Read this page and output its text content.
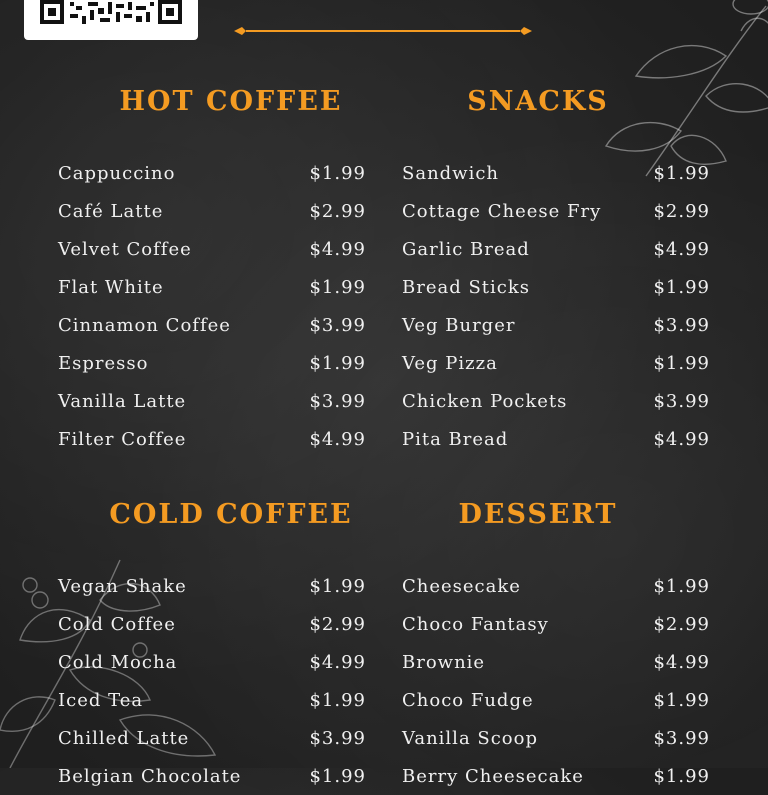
HOT COFFEE	SNACKS
COLD COFFEE	DESSERT
Cappuccino	$1.99
Café Latte	$2.99
Velvet Coffee	$4.99
Flat White	$1.99
Cinnamon Coffee	$3.99
Espresso	$1.99
Vanilla Latte	$3.99
Filter Coffee	$4.99
Sandwich	$1.99
Cottage Cheese Fry	$2.99
Garlic Bread	$4.99
Bread Sticks	$1.99
Veg Burger	$3.99
Veg Pizza	$1.99
Chicken Pockets	$3.99
Pita Bread	$4.99
Vegan Shake	$1.99
Cold Coffee	$2.99
Cold Mocha	$4.99
Iced Tea	$1.99
Chilled Latte	$3.99
Belgian Chocolate	$1.99
Cheesecake	$1.99
Choco Fantasy	$2.99
Brownie	$4.99
Choco Fudge	$1.99
Vanilla Scoop	$3.99
Berry Cheesecake	$1.99
